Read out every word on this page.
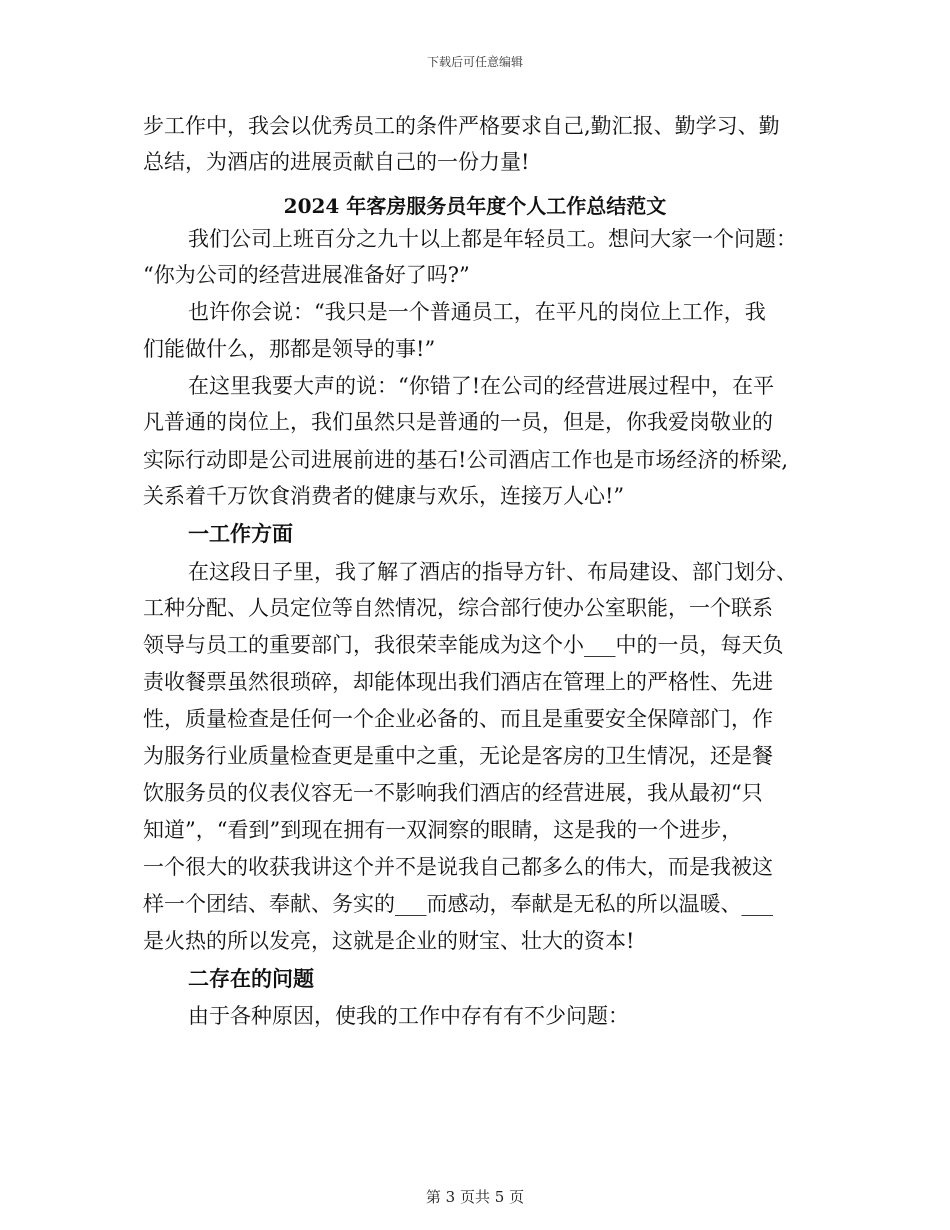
下载后可任意编辑
步工作中，我会以优秀员工的条件严格要求自己,勤汇报、勤学习、勤
总结，为酒店的进展贡献自己的一份力量!
2024 年客房服务员年度个人工作总结范文
我们公司上班百分之九十以上都是年轻员工。想问大家一个问题：
“你为公司的经营进展准备好了吗?”
也许你会说：“我只是一个普通员工，在平凡的岗位上工作，我
们能做什么，那都是领导的事!”
在这里我要大声的说：“你错了!在公司的经营进展过程中，在平
凡普通的岗位上，我们虽然只是普通的一员，但是，你我爱岗敬业的
实际行动即是公司进展前进的基石!公司酒店工作也是市场经济的桥梁,
关系着千万饮食消费者的健康与欢乐，连接万人心!”
一工作方面
在这段日子里，我了解了酒店的指导方针、布局建设、部门划分、
工种分配、人员定位等自然情况，综合部行使办公室职能，一个联系
领导与员工的重要部门，我很荣幸能成为这个小___中的一员，每天负
责收餐票虽然很琐碎，却能体现出我们酒店在管理上的严格性、先进
性，质量检查是任何一个企业必备的、而且是重要安全保障部门，作
为服务行业质量检查更是重中之重，无论是客房的卫生情况，还是餐
饮服务员的仪表仪容无一不影响我们酒店的经营进展，我从最初“只
知道”，“看到”到现在拥有一双洞察的眼睛，这是我的一个进步，
一个很大的收获我讲这个并不是说我自己都多么的伟大，而是我被这
样一个团结、奉献、务实的___而感动，奉献是无私的所以温暖、___
是火热的所以发亮，这就是企业的财宝、壮大的资本!
二存在的问题
由于各种原因，使我的工作中存有有不少问题：
第 3 页共 5 页
